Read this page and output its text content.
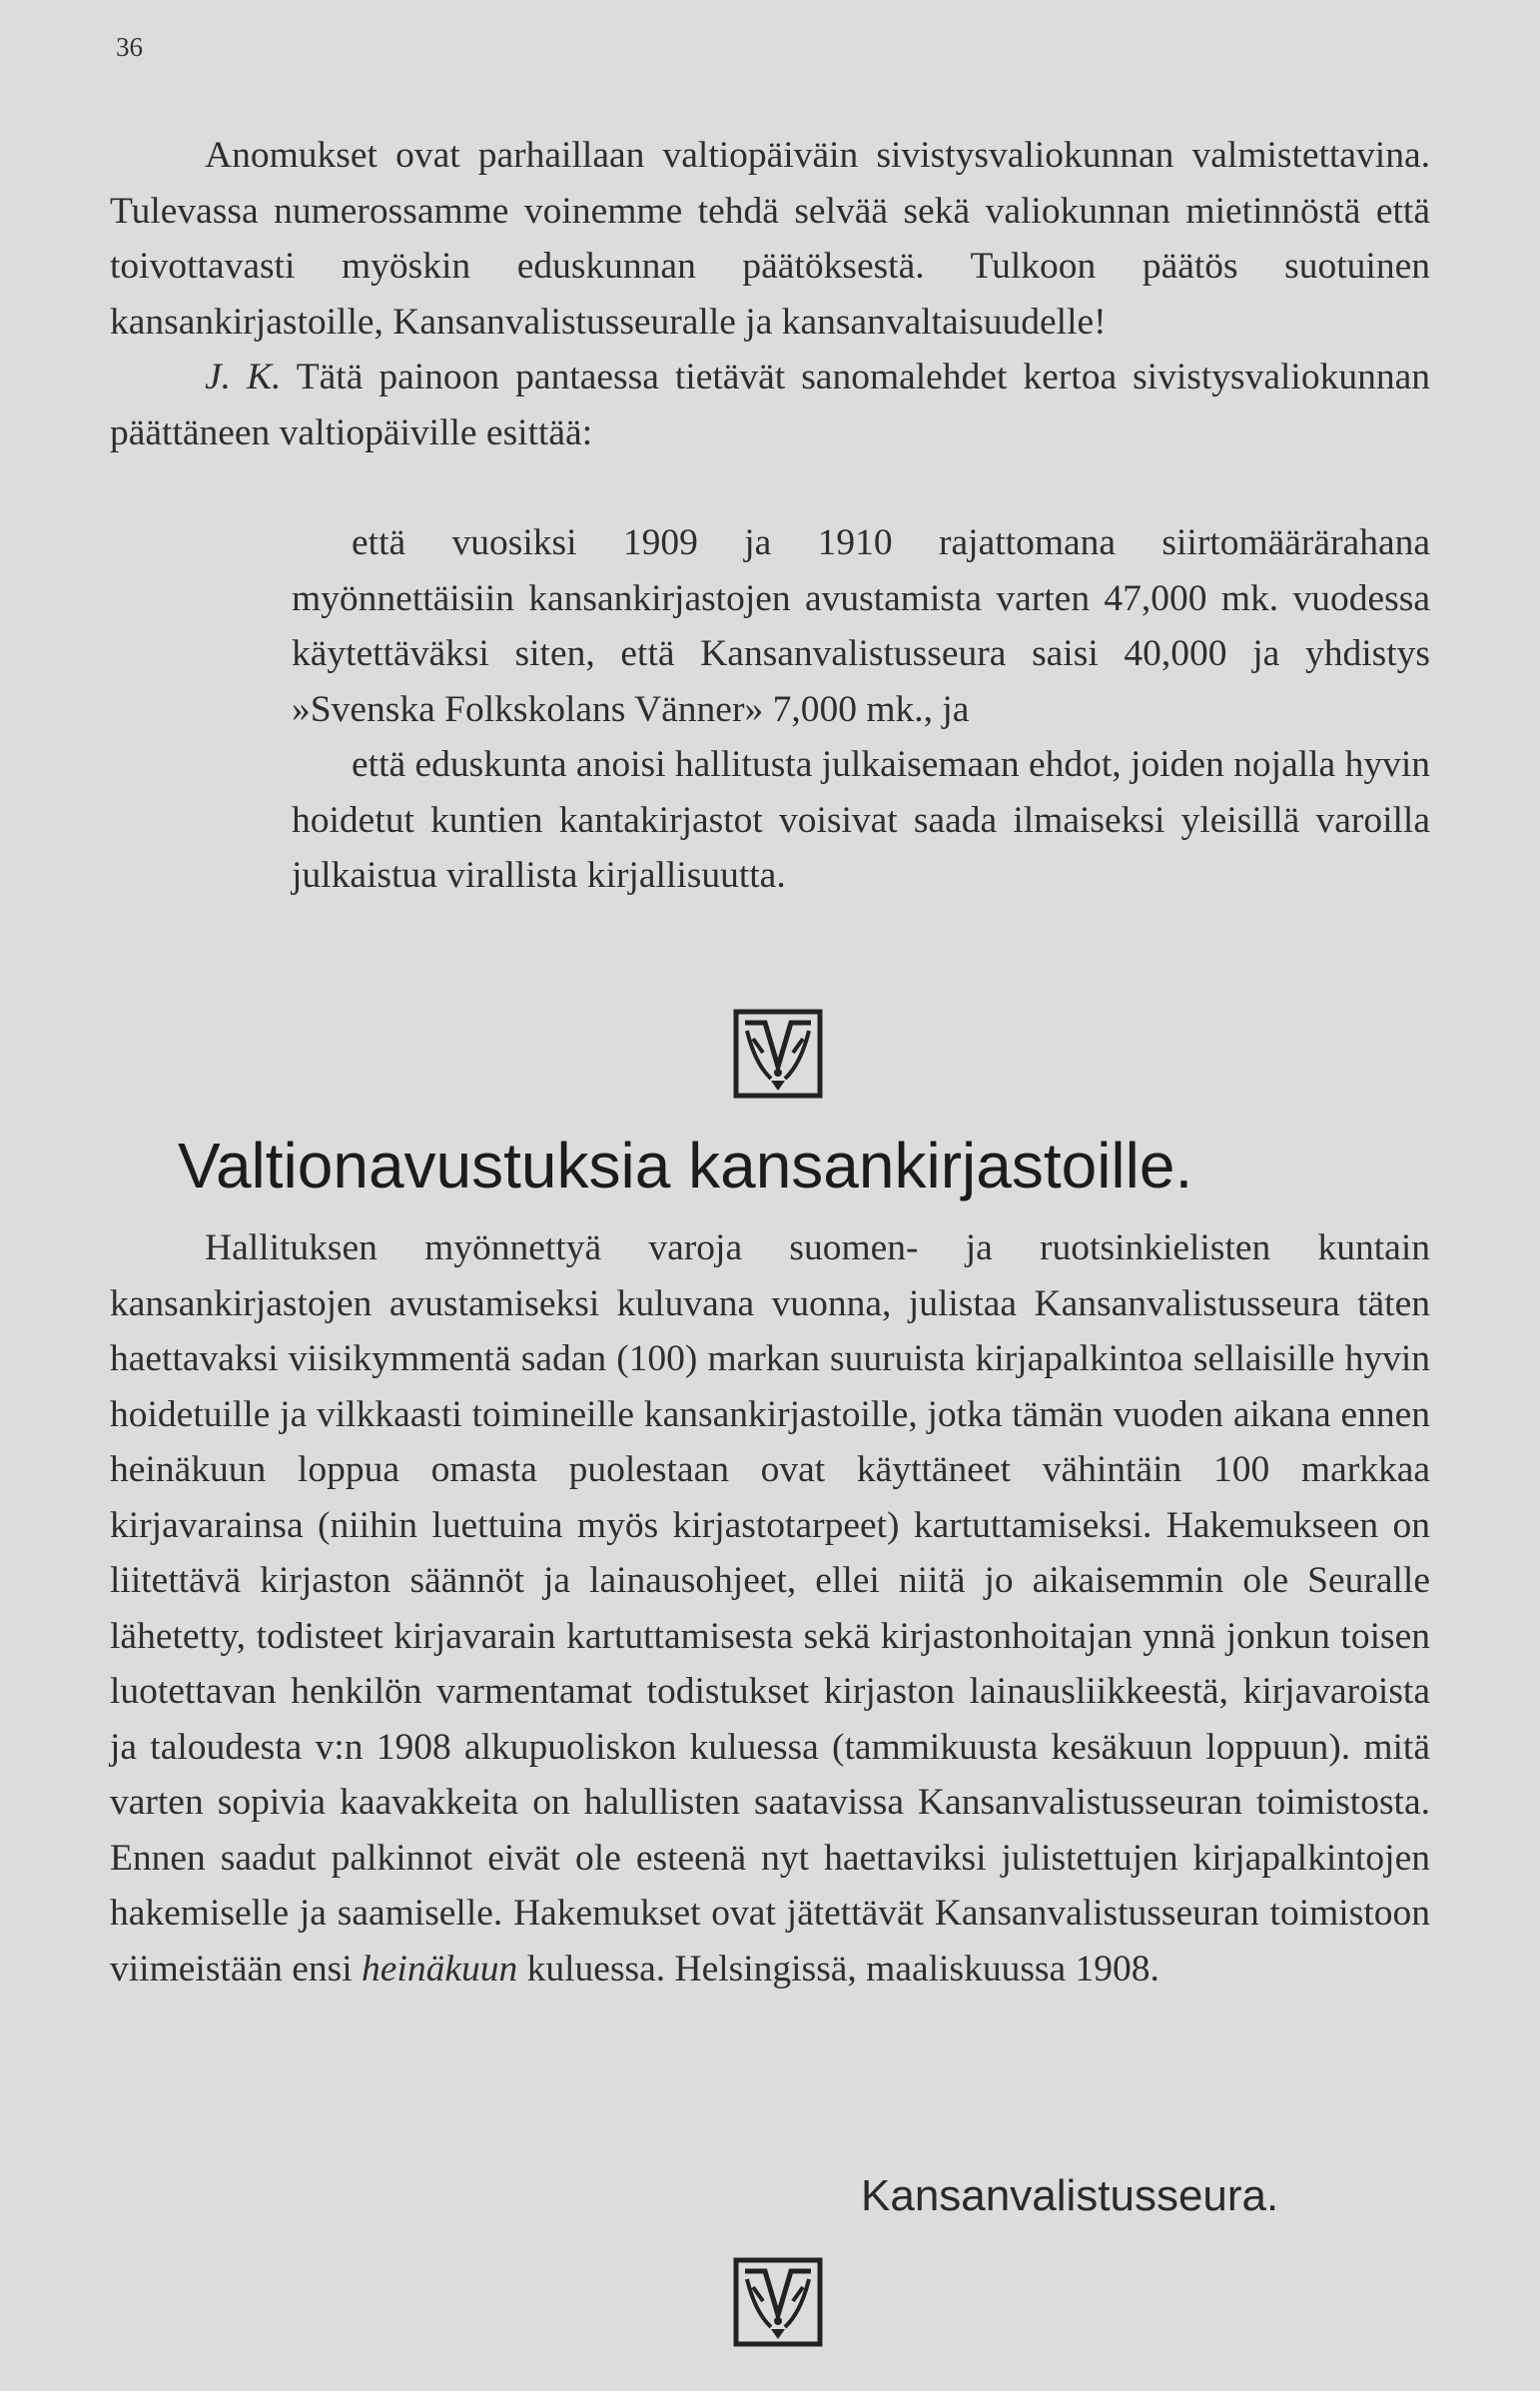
36

Anomukset ovat parhaillaan valtiopäiväin sivistysvaliokunnan valmistettavina. Tulevassa numerossamme voinemme tehdä selvää sekä valiokunnan mietinnöstä että toivottavasti myöskin eduskunnan päätöksestä. Tulkoon päätös suotuinen kansankirjastoille, Kansanvalistusseuralle ja kansanvaltaisuudelle!

J. K. Tätä painoon pantaessa tietävät sanomalehdet kertoa sivistysvaliokunnan päättäneen valtiopäiville esittää:

että vuosiksi 1909 ja 1910 rajattomana siirtomäärärahana myönnettäisiin kansankirjastojen avustamista varten 47,000 mk. vuodessa käytettäväksi siten, että Kansanvalistusseura saisi 40,000 ja yhdistys »Svenska Folkskolans Vänner» 7,000 mk., ja

että eduskunta anoisi hallitusta julkaisemaan ehdot, joiden nojalla hyvin hoidetut kuntien kantakirjastot voisivat saada ilmaiseksi yleisillä varoilla julkaistua virallista kirjallisuutta.

Valtionavustuksia kansankirjastoille.

Hallituksen myönnettyä varoja suomen- ja ruotsinkielisten kuntain kansankirjastojen avustamiseksi kuluvana vuonna, julistaa Kansanvalistusseura täten haettavaksi viisikymmentä sadan (100) markan suuruista kirjapalkintoa sellaisille hyvin hoidetuille ja vilkkaasti toimineille kansankirjastoille, jotka tämän vuoden aikana ennen heinäkuun loppua omasta puolestaan ovat käyttäneet vähintäin 100 markkaa kirjavarainsa (niihin luettuina myös kirjastotarpeet) kartuttamiseksi. Hakemukseen on liitettävä kirjaston säännöt ja lainausohjeet, ellei niitä jo aikaisemmin ole Seuralle lähetetty, todisteet kirjavarain kartuttamisesta sekä kirjastonhoitajan ynnä jonkun toisen luotettavan henkilön varmentamat todistukset kirjaston lainausliikkeestä, kirjavaroista ja taloudesta v:n 1908 alkupuoliskon kuluessa (tammikuusta kesäkuun loppuun). mitä varten sopivia kaavakkeita on halullisten saatavissa Kansanvalistusseuran toimistosta. Ennen saadut palkinnot eivät ole esteenä nyt haettaviksi julistettujen kirjapalkintojen hakemiselle ja saamiselle. Hakemukset ovat jätettävät Kansanvalistusseuran toimistoon viimeistään ensi heinäkuun kuluessa. Helsingissä, maaliskuussa 1908.

Kansanvalistusseura.
